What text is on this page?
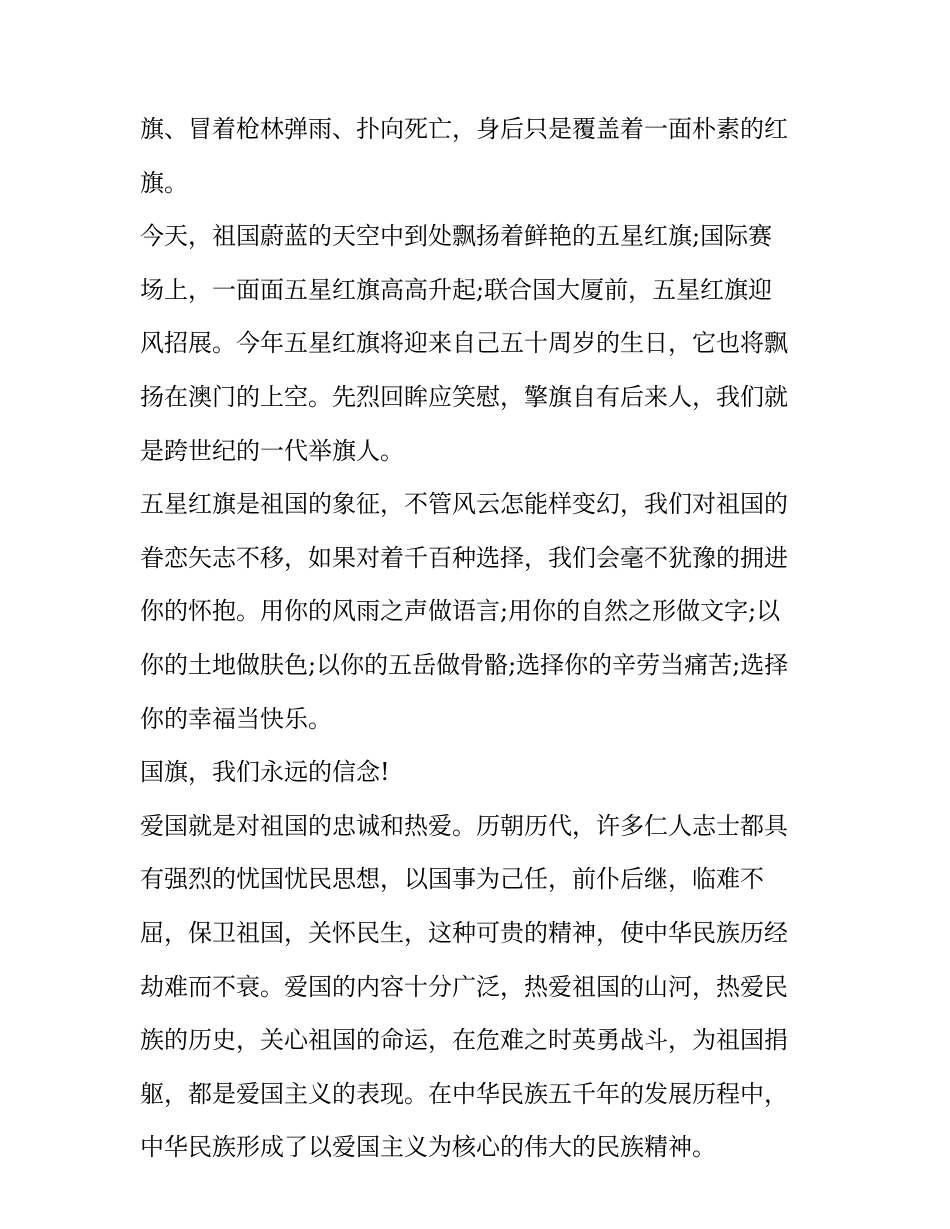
旗、冒着枪林弹雨、扑向死亡，身后只是覆盖着一面朴素的红
旗。
今天，祖国蔚蓝的天空中到处飘扬着鲜艳的五星红旗;国际赛
场上，一面面五星红旗高高升起;联合国大厦前，五星红旗迎
风招展。今年五星红旗将迎来自己五十周岁的生日，它也将飘
扬在澳门的上空。先烈回眸应笑慰，擎旗自有后来人，我们就
是跨世纪的一代举旗人。
五星红旗是祖国的象征，不管风云怎能样变幻，我们对祖国的
眷恋矢志不移，如果对着千百种选择，我们会毫不犹豫的拥进
你的怀抱。用你的风雨之声做语言;用你的自然之形做文字;以
你的土地做肤色;以你的五岳做骨骼;选择你的辛劳当痛苦;选择
你的幸福当快乐。
国旗，我们永远的信念!
爱国就是对祖国的忠诚和热爱。历朝历代，许多仁人志士都具
有强烈的忧国忧民思想，以国事为己任，前仆后继，临难不
屈，保卫祖国，关怀民生，这种可贵的精神，使中华民族历经
劫难而不衰。爱国的内容十分广泛，热爱祖国的山河，热爱民
族的历史，关心祖国的命运，在危难之时英勇战斗，为祖国捐
躯，都是爱国主义的表现。在中华民族五千年的发展历程中，
中华民族形成了以爱国主义为核心的伟大的民族精神。
